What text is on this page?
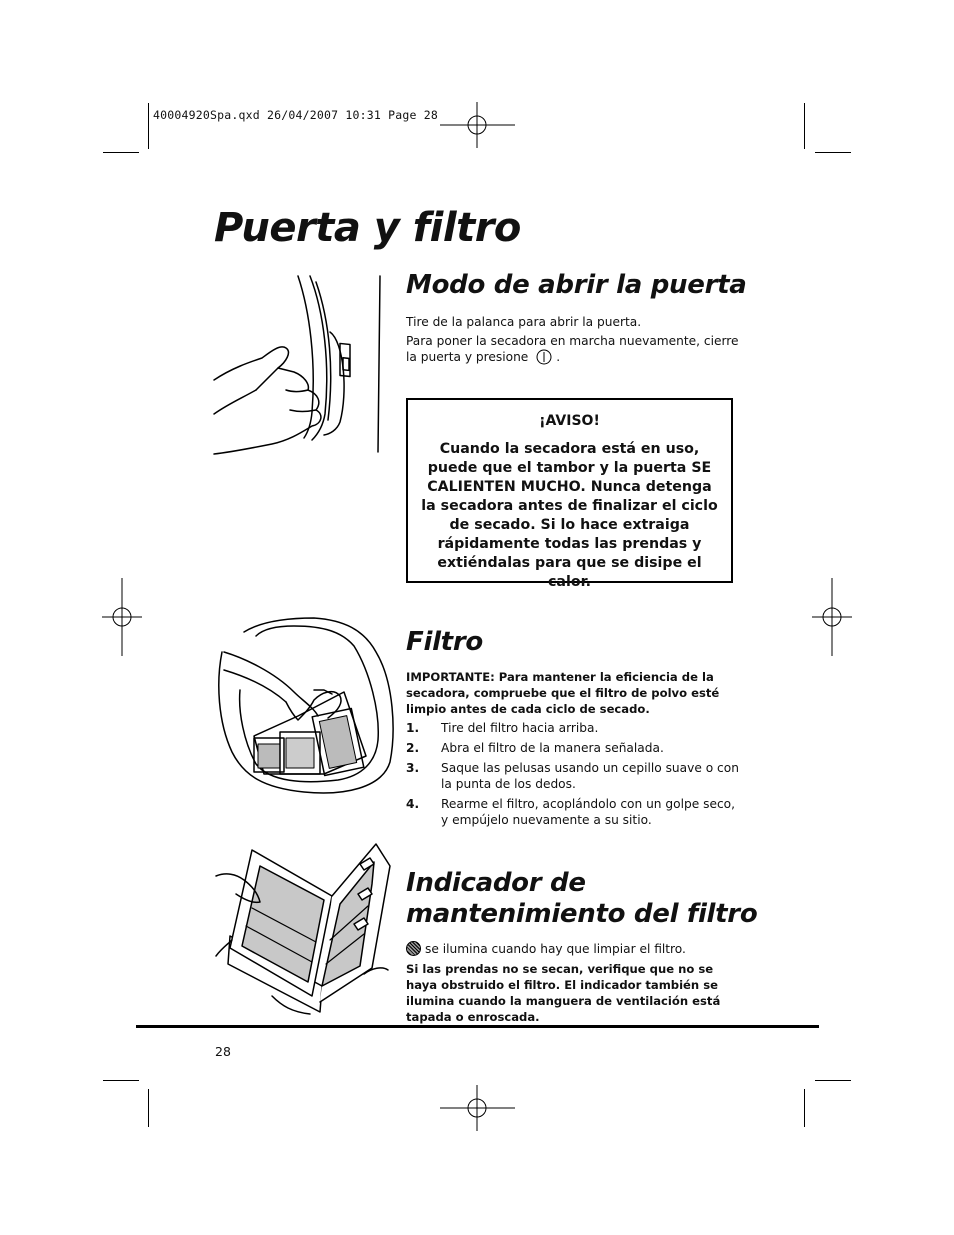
40004920Spa.qxd 26/04/2007 10:31 Page 28
Puerta y filtro
Modo de abrir la puerta
Tire de la palanca para abrir la puerta.
Para poner la secadora en marcha nuevamente, cierre la puerta y presione .
¡AVISO!
Cuando la secadora está en uso, puede que el tambor y la puerta SE CALIENTEN MUCHO. Nunca detenga la secadora antes de finalizar el ciclo de secado. Si lo hace extraiga rápidamente todas las prendas y extiéndalas para que se disipe el calor.
Filtro
IMPORTANTE: Para mantener la eficiencia de la secadora, compruebe que el filtro de polvo esté limpio antes de cada ciclo de secado.
1.	Tire del filtro hacia arriba.
2.	Abra el filtro de la manera señalada.
3.	Saque las pelusas usando un cepillo suave o con la punta de los dedos.
4.	Rearme el filtro, acoplándolo con un golpe seco, y empújelo nuevamente a su sitio.
Indicador de
mantenimiento del filtro
se ilumina cuando hay que limpiar el filtro.
Si las prendas no se secan, verifique que no se haya obstruido el filtro. El indicador también se ilumina cuando la manguera de ventilación está tapada o enroscada.
28
